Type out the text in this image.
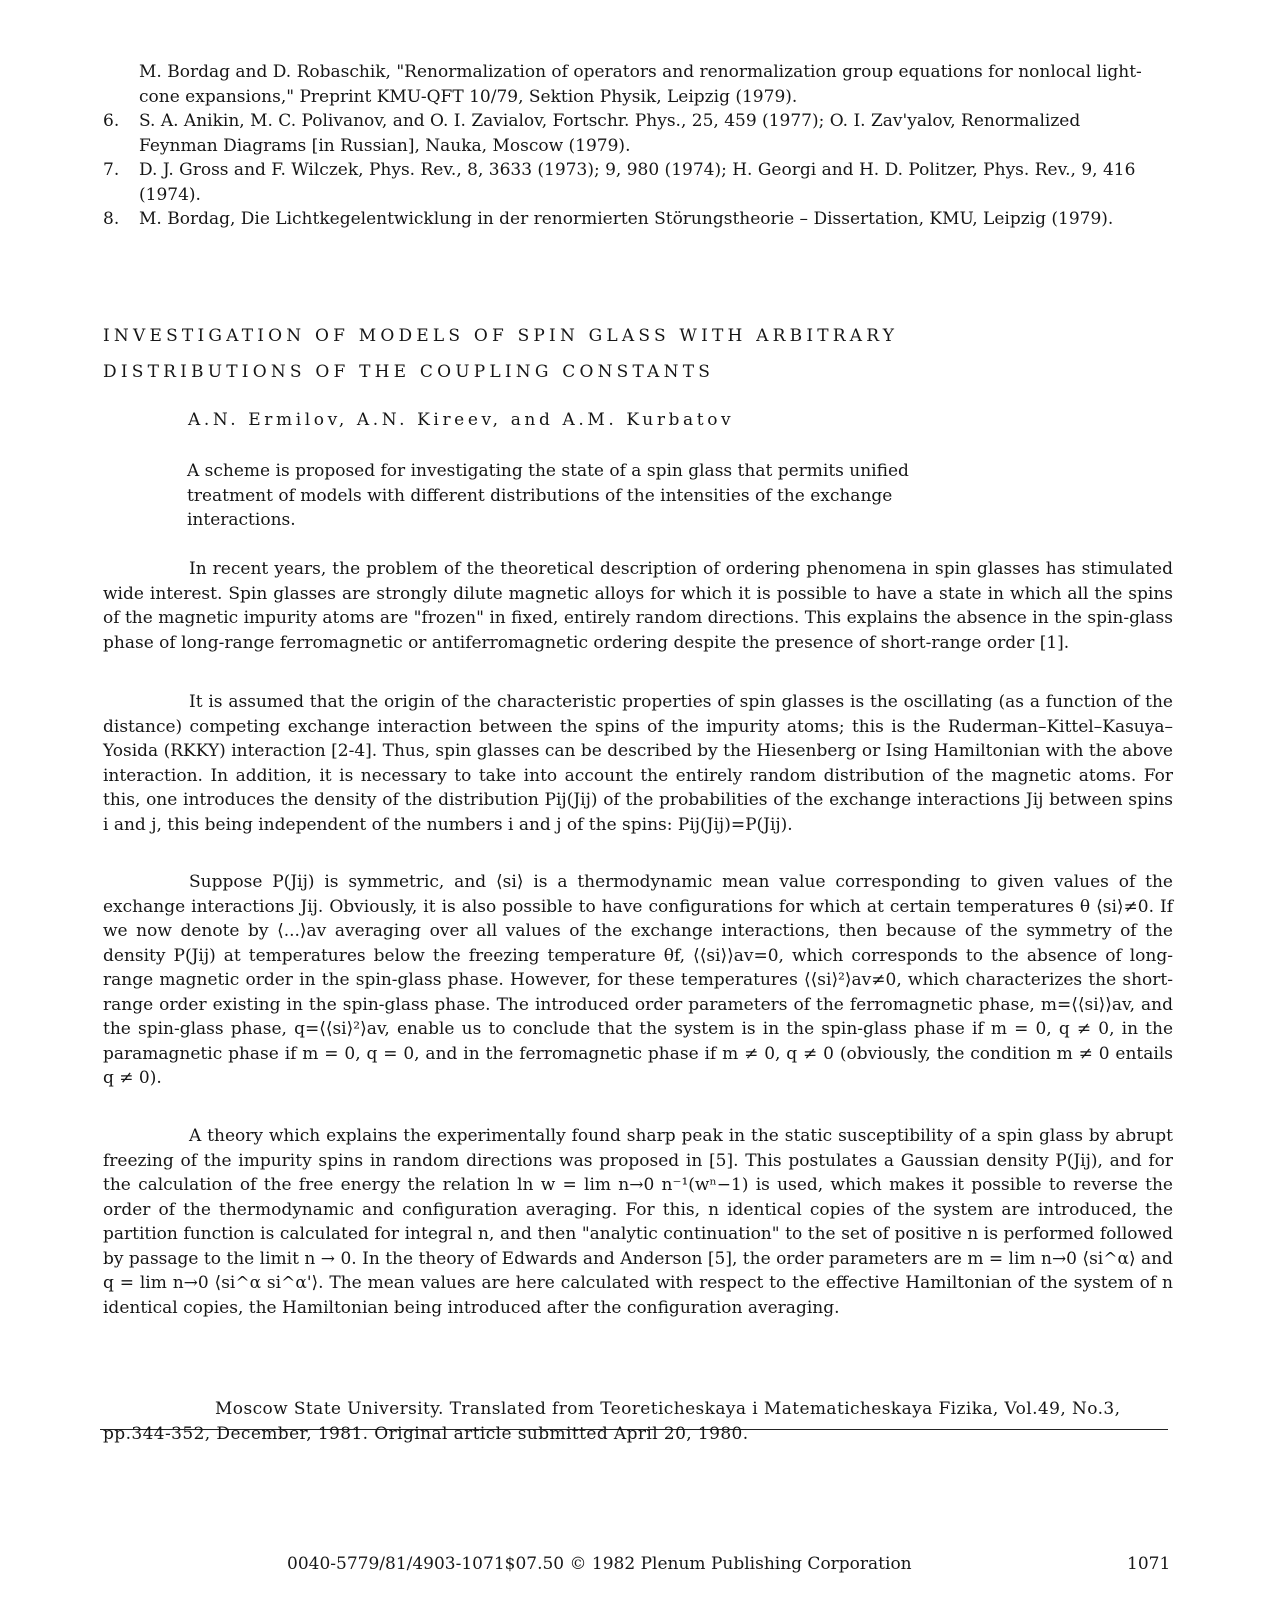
M. Bordag and D. Robaschik, "Renormalization of operators and renormalization group equations for nonlocal light-cone expansions," Preprint KMU-QFT 10/79, Sektion Physik, Leipzig (1979).
6. S. A. Anikin, M. C. Polivanov, and O. I. Zavialov, Fortschr. Phys., 25, 459 (1977); O. I. Zav'yalov, Renormalized Feynman Diagrams [in Russian], Nauka, Moscow (1979).
7. D. J. Gross and F. Wilczek, Phys. Rev., 8, 3633 (1973); 9, 980 (1974); H. Georgi and H. D. Politzer, Phys. Rev., 9, 416 (1974).
8. M. Bordag, Die Lichtkegelentwicklung in der renormierten Störungstheorie – Dissertation, KMU, Leipzig (1979).
INVESTIGATION OF MODELS OF SPIN GLASS WITH ARBITRARY
DISTRIBUTIONS OF THE COUPLING CONSTANTS
A.N. Ermilov, A.N. Kireev, and A.M. Kurbatov
A scheme is proposed for investigating the state of a spin glass that permits unified treatment of models with different distributions of the intensities of the exchange interactions.
In recent years, the problem of the theoretical description of ordering phenomena in spin glasses has stimulated wide interest. Spin glasses are strongly dilute magnetic alloys for which it is possible to have a state in which all the spins of the magnetic impurity atoms are "frozen" in fixed, entirely random directions. This explains the absence in the spin-glass phase of long-range ferromagnetic or antiferromagnetic ordering despite the presence of short-range order [1].
It is assumed that the origin of the characteristic properties of spin glasses is the oscillating (as a function of the distance) competing exchange interaction between the spins of the impurity atoms; this is the Ruderman–Kittel–Kasuya–Yosida (RKKY) interaction [2-4]. Thus, spin glasses can be described by the Hiesenberg or Ising Hamiltonian with the above interaction. In addition, it is necessary to take into account the entirely random distribution of the magnetic atoms. For this, one introduces the density of the distribution Pij(Jij) of the probabilities of the exchange interactions Jij between spins i and j, this being independent of the numbers i and j of the spins: Pij(Jij)=P(Jij).
Suppose P(Jij) is symmetric, and ⟨si⟩ is a thermodynamic mean value corresponding to given values of the exchange interactions Jij. Obviously, it is also possible to have configurations for which at certain temperatures θ ⟨si⟩≠0. If we now denote by ⟨...⟩av averaging over all values of the exchange interactions, then because of the symmetry of the density P(Jij) at temperatures below the freezing temperature θf, ⟨⟨si⟩⟩av=0, which corresponds to the absence of long-range magnetic order in the spin-glass phase. However, for these temperatures ⟨⟨si⟩²⟩av≠0, which characterizes the short-range order existing in the spin-glass phase. The introduced order parameters of the ferromagnetic phase, m=⟨⟨si⟩⟩av, and the spin-glass phase, q=⟨⟨si⟩²⟩av, enable us to conclude that the system is in the spin-glass phase if m = 0, q ≠ 0, in the paramagnetic phase if m = 0, q = 0, and in the ferromagnetic phase if m ≠ 0, q ≠ 0 (obviously, the condition m ≠ 0 entails q ≠ 0).
A theory which explains the experimentally found sharp peak in the static susceptibility of a spin glass by abrupt freezing of the impurity spins in random directions was proposed in [5]. This postulates a Gaussian density P(Jij), and for the calculation of the free energy the relation ln w = lim n→0 n⁻¹(wⁿ−1) is used, which makes it possible to reverse the order of the thermodynamic and configuration averaging. For this, n identical copies of the system are introduced, the partition function is calculated for integral n, and then "analytic continuation" to the set of positive n is performed followed by passage to the limit n → 0. In the theory of Edwards and Anderson [5], the order parameters are m = lim n→0 ⟨si^α⟩ and q = lim n→0 ⟨si^α si^α'⟩. The mean values are here calculated with respect to the effective Hamiltonian of the system of n identical copies, the Hamiltonian being introduced after the configuration averaging.
Moscow State University. Translated from Teoreticheskaya i Matematicheskaya Fizika, Vol.49, No.3, pp.344-352, December, 1981. Original article submitted April 20, 1980.
0040-5779/81/4903-1071$07.50 © 1982 Plenum Publishing Corporation	1071
